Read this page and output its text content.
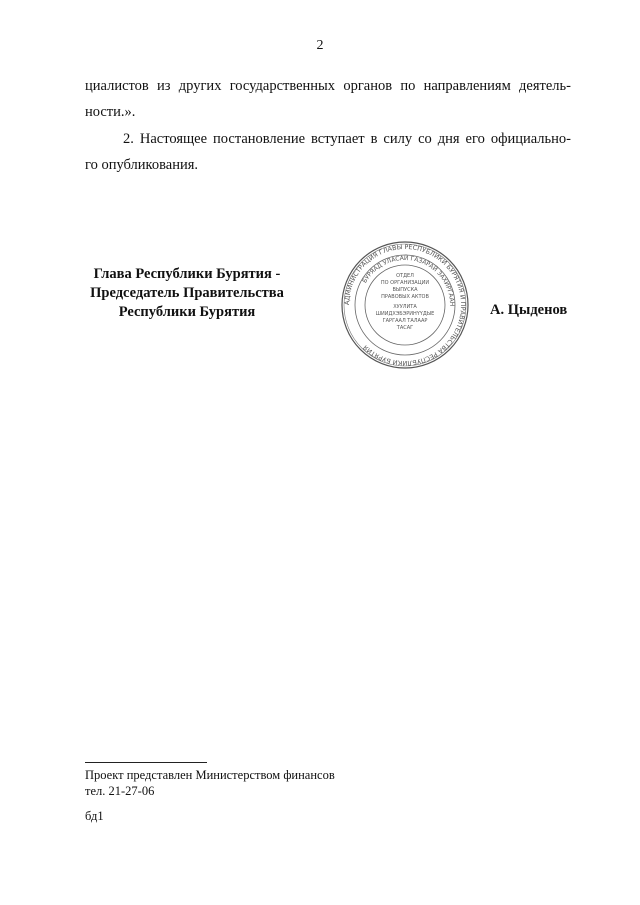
2
циалистов из других государственных органов по направлениям деятель-
ности.».
2. Настоящее постановление вступает в силу со дня его официально-
го опубликования.
Глава Республики Бурятия -
Председатель Правительства
Республики Бурятия
АДМИНИСТРАЦИЯ ГЛАВЫ РЕСПУБЛИКИ БУРЯТИЯ И ПРАВИТЕЛЬСТВА РЕСПУБЛИКИ БУРЯТИЯ
БУРЯАД УЛАСАЙ ГАЗАРАЙ ЗАХИРГААН
ОТДЕЛ
ПО ОРГАНИЗАЦИИ
ВЫПУСКА
ПРАВОВЫХ АКТОВ
ХУУЛИТА
ШИИДХЭБЭРИНҮҮДЫЕ
ГАРГААЛ ТАЛААР
ТАСАГ
А. Цыденов
Проект представлен Министерством финансов
тел. 21-27-06
бд1
